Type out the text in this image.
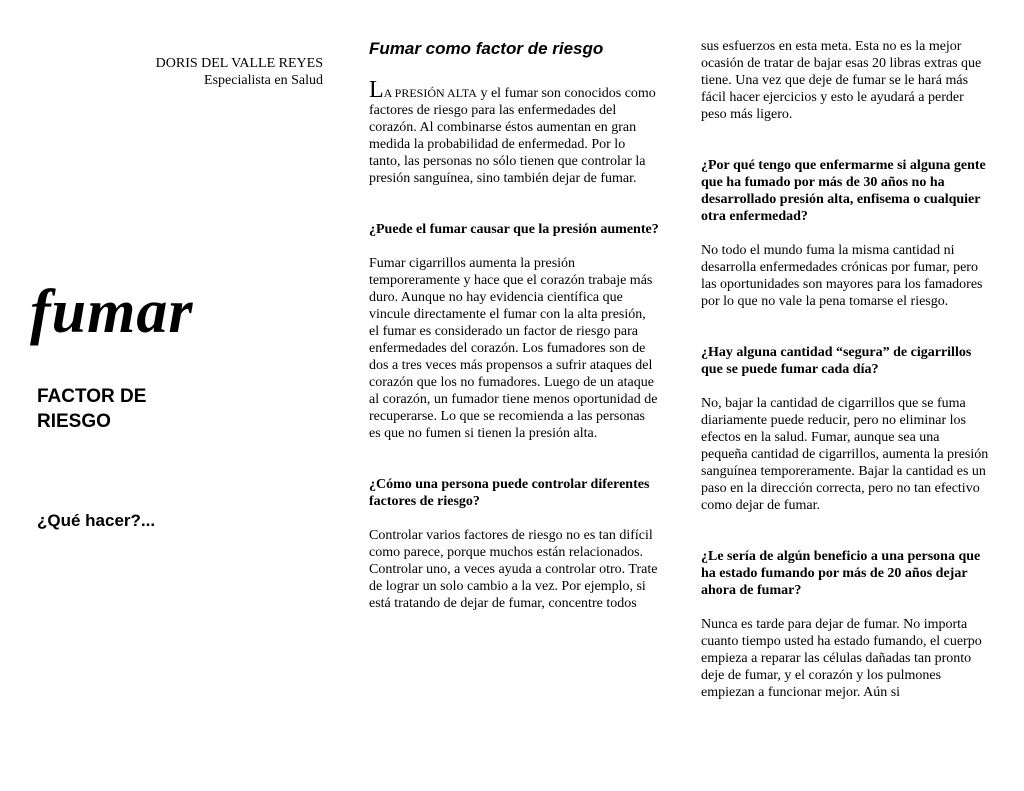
DORIS DEL VALLE REYES
Especialista en Salud
fumar
FACTOR DE
RIESGO
¿Qué hacer?...

Fumar como factor de riesgo

LA PRESIÓN ALTA y el fumar son conocidos como factores de riesgo para las enfermedades del corazón. Al combinarse éstos aumentan en gran medida la probabilidad de enfermedad. Por lo tanto, las personas no sólo tienen que controlar la presión sanguínea, sino también dejar de fumar.

¿Puede el fumar causar que la presión aumente?

Fumar cigarrillos aumenta la presión temporeramente y hace que el corazón trabaje más duro. Aunque no hay evidencia científica que vincule directamente el fumar con la alta presión, el fumar es considerado un factor de riesgo para enfermedades del corazón. Los fumadores son de dos a tres veces más propensos a sufrir ataques del corazón que los no fumadores. Luego de un ataque al corazón, un fumador tiene menos oportunidad de recuperarse. Lo que se recomienda a las personas es que no fumen si tienen la presión alta.

¿Cómo una persona puede controlar diferentes factores de riesgo?

Controlar varios factores de riesgo no es tan difícil como parece, porque muchos están relacionados. Controlar uno, a veces ayuda a controlar otro. Trate de lograr un solo cambio a la vez. Por ejemplo, si está tratando de dejar de fumar, concentre todos

sus esfuerzos en esta meta. Esta no es la mejor ocasión de tratar de bajar esas 20 libras extras que tiene. Una vez que deje de fumar se le hará más fácil hacer ejercicios y esto le ayudará a perder peso más ligero.

¿Por qué tengo que enfermarme si alguna gente que ha fumado por más de 30 años no ha desarrollado presión alta, enfisema o cualquier otra enfermedad?

No todo el mundo fuma la misma cantidad ni desarrolla enfermedades crónicas por fumar, pero las oportunidades son mayores para los famadores por lo que no vale la pena tomarse el riesgo.

¿Hay alguna cantidad “segura” de cigarrillos que se puede fumar cada día?

No, bajar la cantidad de cigarrillos que se fuma diariamente puede reducir, pero no eliminar los efectos en la salud. Fumar, aunque sea una pequeña cantidad de cigarrillos, aumenta la presión sanguínea temporeramente. Bajar la cantidad es un paso en la dirección correcta, pero no tan efectivo como dejar de fumar.

¿Le sería de algún beneficio a una persona que ha estado fumando por más de 20 años dejar ahora de fumar?

Nunca es tarde para dejar de fumar. No importa cuanto tiempo usted ha estado fumando, el cuerpo empieza a reparar las células dañadas tan pronto deje de fumar, y el corazón y los pulmones empiezan a funcionar mejor. Aún si
